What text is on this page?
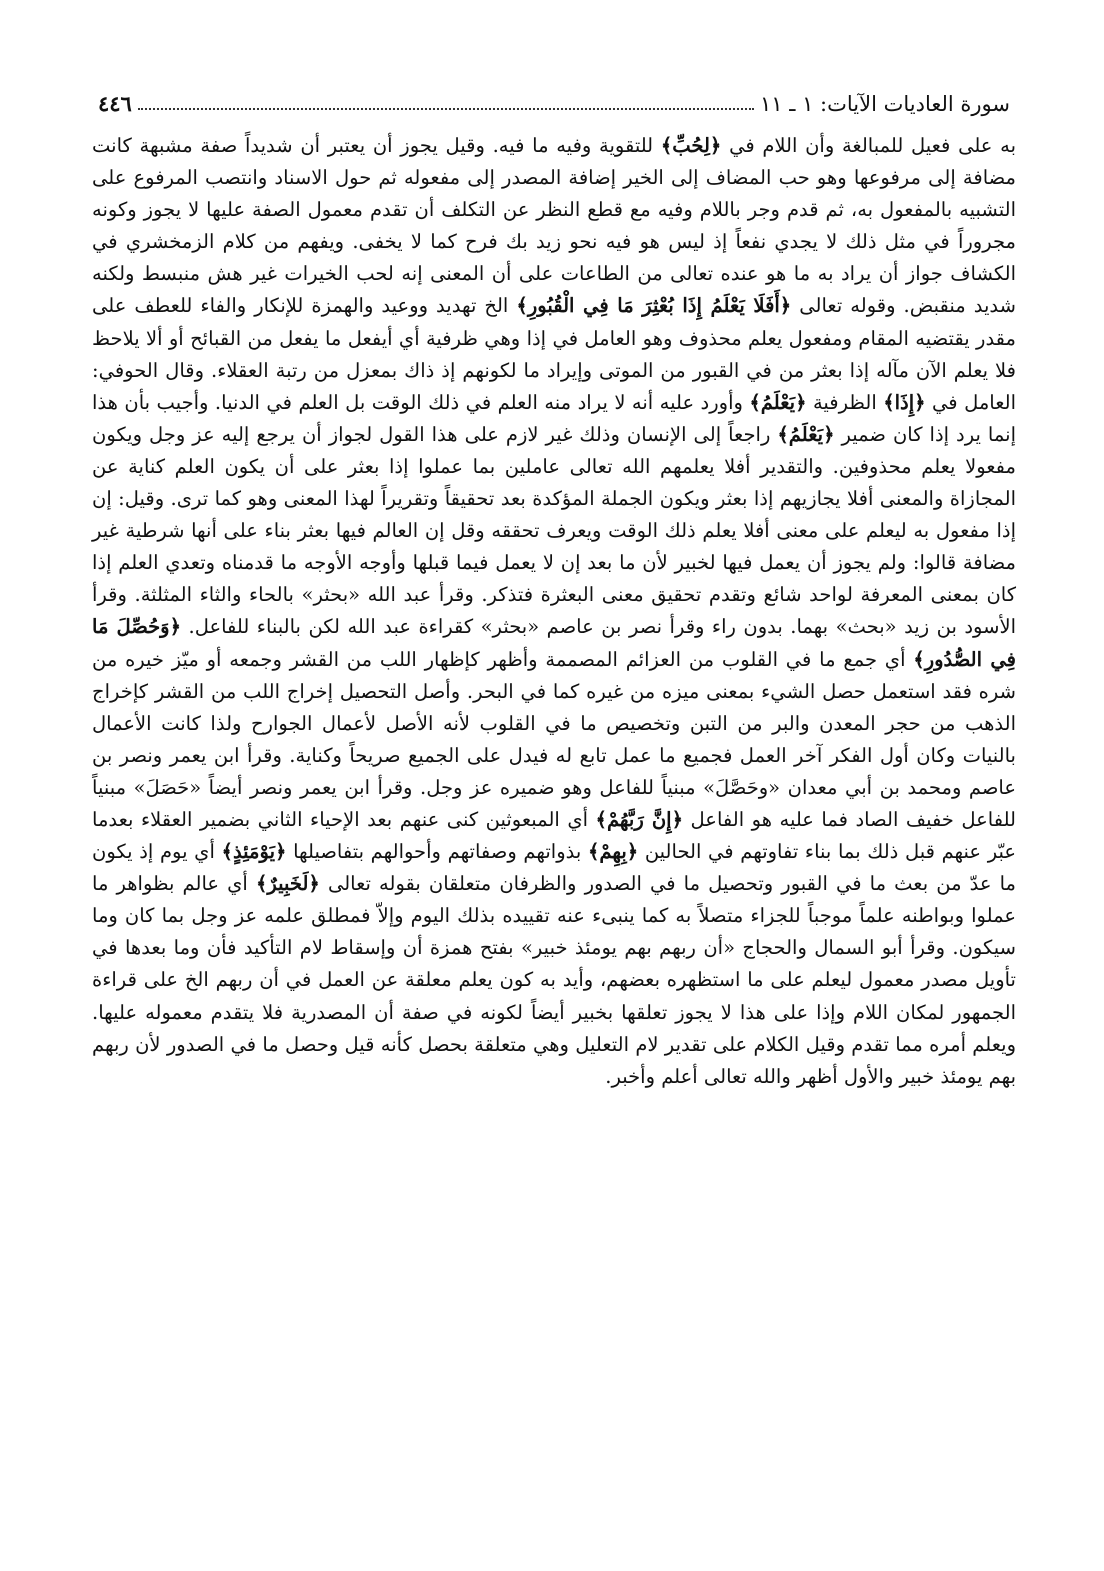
سورة العاديات الآيات: ١ ـ ١١
٤٤٦

به على فعيل للمبالغة وأن اللام في ﴿لِحُبِّ﴾ للتقوية وفيه ما فيه. وقيل يجوز أن يعتبر أن شديداً صفة مشبهة كانت مضافة إلى مرفوعها وهو حب المضاف إلى الخير إضافة المصدر إلى مفعوله ثم حول الاسناد وانتصب المرفوع على التشبيه بالمفعول به، ثم قدم وجر باللام وفيه مع قطع النظر عن التكلف أن تقدم معمول الصفة عليها لا يجوز وكونه مجروراً في مثل ذلك لا يجدي نفعاً إذ ليس هو فيه نحو زيد بك فرح كما لا يخفى. ويفهم من كلام الزمخشري في الكشاف جواز أن يراد به ما هو عنده تعالى من الطاعات على أن المعنى إنه لحب الخيرات غير هش منبسط ولكنه شديد منقبض. وقوله تعالى ﴿أَفَلَا يَعْلَمُ إِذَا بُعْثِرَ مَا فِي الْقُبُورِ﴾ الخ تهديد ووعيد والهمزة للإنكار والفاء للعطف على مقدر يقتضيه المقام ومفعول يعلم محذوف وهو العامل في إذا وهي ظرفية أي أيفعل ما يفعل من القبائح أو ألا يلاحظ فلا يعلم الآن مآله إذا بعثر من في القبور من الموتى وإيراد ما لكونهم إذ ذاك بمعزل من رتبة العقلاء. وقال الحوفي: العامل في ﴿إِذَا﴾ الظرفية ﴿يَعْلَمُ﴾ وأورد عليه أنه لا يراد منه العلم في ذلك الوقت بل العلم في الدنيا. وأجيب بأن هذا إنما يرد إذا كان ضمير ﴿يَعْلَمُ﴾ راجعاً إلى الإنسان وذلك غير لازم على هذا القول لجواز أن يرجع إليه عز وجل ويكون مفعولا يعلم محذوفين. والتقدير أفلا يعلمهم الله تعالى عاملين بما عملوا إذا بعثر على أن يكون العلم كناية عن المجازاة والمعنى أفلا يجازيهم إذا بعثر ويكون الجملة المؤكدة بعد تحقيقاً وتقريراً لهذا المعنى وهو كما ترى. وقيل: إن إذا مفعول به ليعلم على معنى أفلا يعلم ذلك الوقت ويعرف تحققه وقل إن العالم فيها بعثر بناء على أنها شرطية غير مضافة قالوا: ولم يجوز أن يعمل فيها لخبير لأن ما بعد إن لا يعمل فيما قبلها وأوجه الأوجه ما قدمناه وتعدي العلم إذا كان بمعنى المعرفة لواحد شائع وتقدم تحقيق معنى البعثرة فتذكر. وقرأ عبد الله «بحثر» بالحاء والثاء المثلثة. وقرأ الأسود بن زيد «بحث» بهما. بدون راء وقرأ نصر بن عاصم «بحثر» كقراءة عبد الله لكن بالبناء للفاعل. ﴿وَحُصِّلَ مَا فِي الصُّدُورِ﴾ أي جمع ما في القلوب من العزائم المصممة وأظهر كإظهار اللب من القشر وجمعه أو ميّز خيره من شره فقد استعمل حصل الشيء بمعنى ميزه من غيره كما في البحر. وأصل التحصيل إخراج اللب من القشر كإخراج الذهب من حجر المعدن والبر من التبن وتخصيص ما في القلوب لأنه الأصل لأعمال الجوارح ولذا كانت الأعمال بالنيات وكان أول الفكر آخر العمل فجميع ما عمل تابع له فيدل على الجميع صريحاً وكناية. وقرأ ابن يعمر ونصر بن عاصم ومحمد بن أبي معدان «وحَصَّلَ» مبنياً للفاعل وهو ضميره عز وجل. وقرأ ابن يعمر ونصر أيضاً «حَصَلَ» مبنياً للفاعل خفيف الصاد فما عليه هو الفاعل ﴿إِنَّ رَبَّهُمْ﴾ أي المبعوثين كنى عنهم بعد الإحياء الثاني بضمير العقلاء بعدما عبّر عنهم قبل ذلك بما بناء تفاوتهم في الحالين ﴿بِهِمْ﴾ بذواتهم وصفاتهم وأحوالهم بتفاصيلها ﴿يَوْمَئِذٍ﴾ أي يوم إذ يكون ما عدّ من بعث ما في القبور وتحصيل ما في الصدور والظرفان متعلقان بقوله تعالى ﴿لَخَبِيرٌ﴾ أي عالم بظواهر ما عملوا وبواطنه علماً موجباً للجزاء متصلاً به كما ينبىء عنه تقييده بذلك اليوم وإلاّ فمطلق علمه عز وجل بما كان وما سيكون. وقرأ أبو السمال والحجاج «أن ربهم بهم يومئذ خبير» بفتح همزة أن وإسقاط لام التأكيد فأن وما بعدها في تأويل مصدر معمول ليعلم على ما استظهره بعضهم، وأيد به كون يعلم معلقة عن العمل في أن ربهم الخ على قراءة الجمهور لمكان اللام وإذا على هذا لا يجوز تعلقها بخبير أيضاً لكونه في صفة أن المصدرية فلا يتقدم معموله عليها. ويعلم أمره مما تقدم وقيل الكلام على تقدير لام التعليل وهي متعلقة بحصل كأنه قيل وحصل ما في الصدور لأن ربهم بهم يومئذ خبير والأول أظهر والله تعالى أعلم وأخبر.
